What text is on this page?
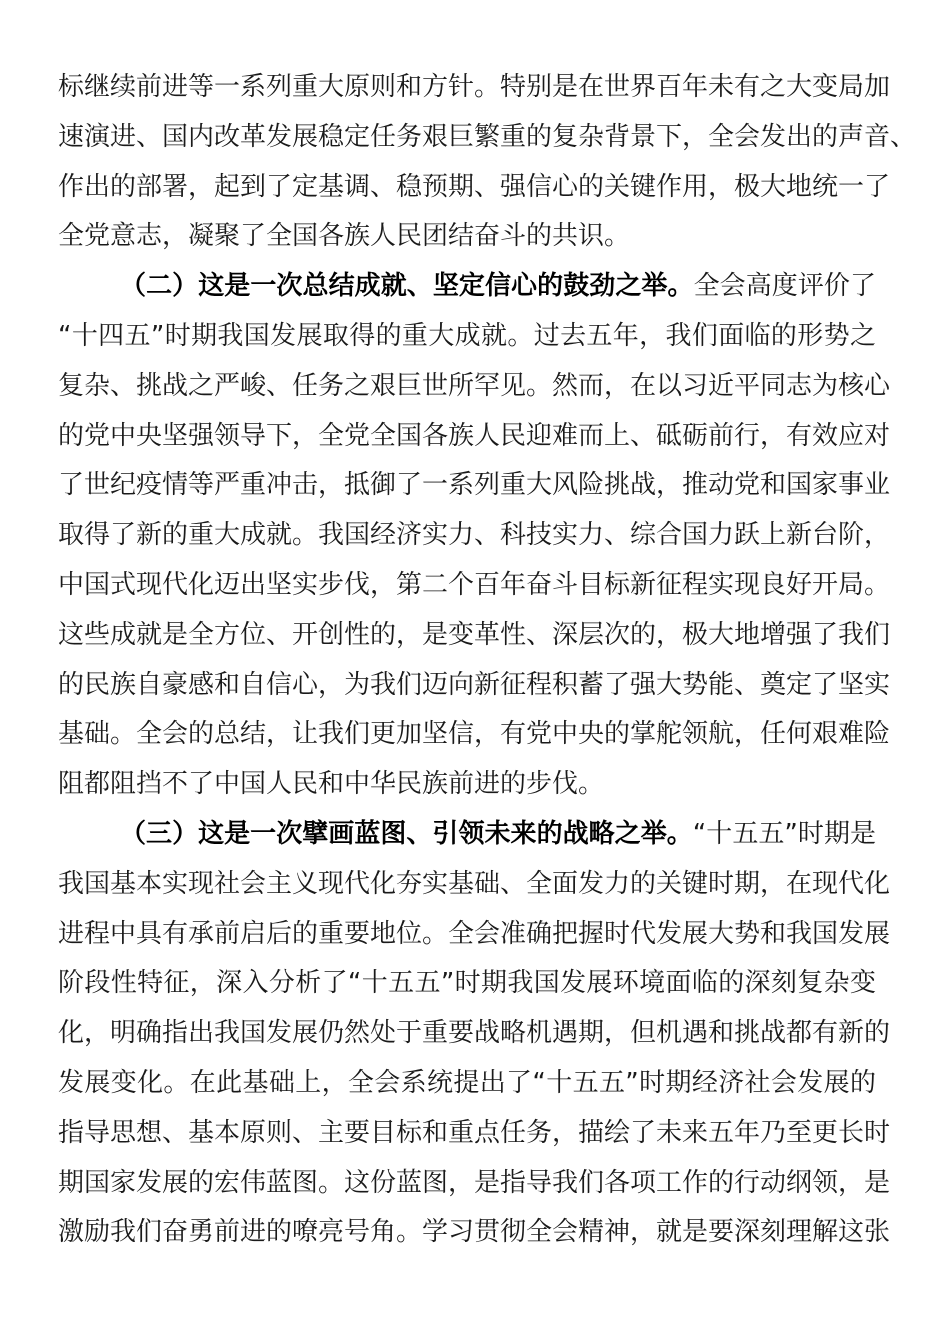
标继续前进等一系列重大原则和方针。特别是在世界百年未有之大变局加
速演进、国内改革发展稳定任务艰巨繁重的复杂背景下，全会发出的声音、
作出的部署，起到了定基调、稳预期、强信心的关键作用，极大地统一了
全党意志，凝聚了全国各族人民团结奋斗的共识。
（二）这是一次总结成就、坚定信心的鼓劲之举。全会高度评价了
“十四五”时期我国发展取得的重大成就。过去五年，我们面临的形势之
复杂、挑战之严峻、任务之艰巨世所罕见。然而，在以习近平同志为核心
的党中央坚强领导下，全党全国各族人民迎难而上、砥砺前行，有效应对
了世纪疫情等严重冲击，抵御了一系列重大风险挑战，推动党和国家事业
取得了新的重大成就。我国经济实力、科技实力、综合国力跃上新台阶，
中国式现代化迈出坚实步伐，第二个百年奋斗目标新征程实现良好开局。
这些成就是全方位、开创性的，是变革性、深层次的，极大地增强了我们
的民族自豪感和自信心，为我们迈向新征程积蓄了强大势能、奠定了坚实
基础。全会的总结，让我们更加坚信，有党中央的掌舵领航，任何艰难险
阻都阻挡不了中国人民和中华民族前进的步伐。
（三）这是一次擘画蓝图、引领未来的战略之举。“十五五”时期是
我国基本实现社会主义现代化夯实基础、全面发力的关键时期，在现代化
进程中具有承前启后的重要地位。全会准确把握时代发展大势和我国发展
阶段性特征，深入分析了“十五五”时期我国发展环境面临的深刻复杂变
化，明确指出我国发展仍然处于重要战略机遇期，但机遇和挑战都有新的
发展变化。在此基础上，全会系统提出了“十五五”时期经济社会发展的
指导思想、基本原则、主要目标和重点任务，描绘了未来五年乃至更长时
期国家发展的宏伟蓝图。这份蓝图，是指导我们各项工作的行动纲领，是
激励我们奋勇前进的嘹亮号角。学习贯彻全会精神，就是要深刻理解这张
